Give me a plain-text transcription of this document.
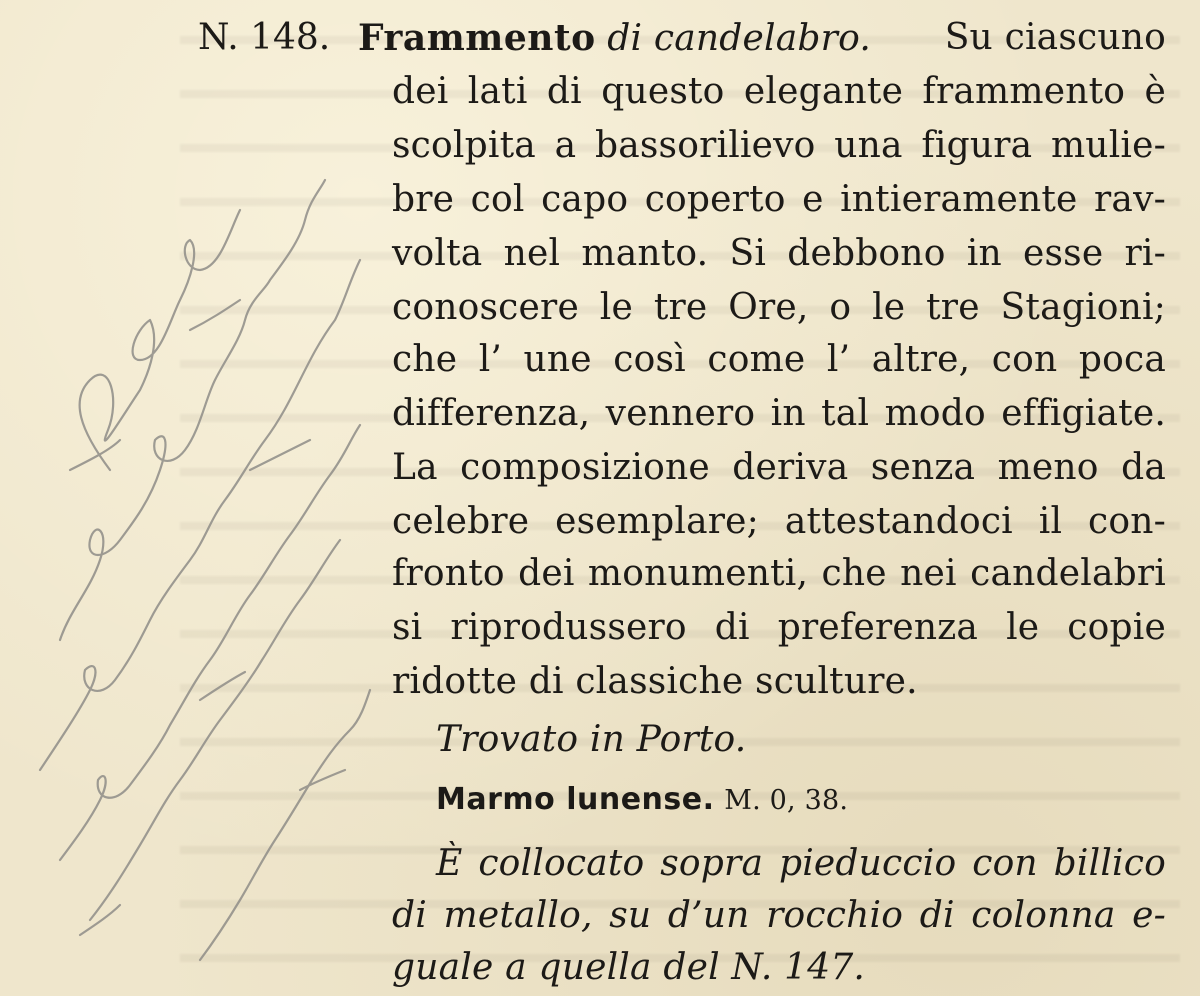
N. 148. Frammento di candelabro. Su ciascuno
dei lati di questo elegante frammento è
scolpita a bassorilievo una figura mulie-
bre col capo coperto e intieramente rav-
volta nel manto. Si debbono in esse ri-
conoscere le tre Ore, o le tre Stagioni;
che l’ une così come l’ altre, con poca
differenza, vennero in tal modo effigiate.
La composizione deriva senza meno da
celebre esemplare; attestandoci il con-
fronto dei monumenti, che nei candelabri
si riprodussero di preferenza le copie
ridotte di classiche sculture.
Trovato in Porto.
Marmo lunense. M. 0, 38.
È collocato sopra pieduccio con billico
di metallo, su d’un rocchio di colonna e-
guale a quella del N. 147.
